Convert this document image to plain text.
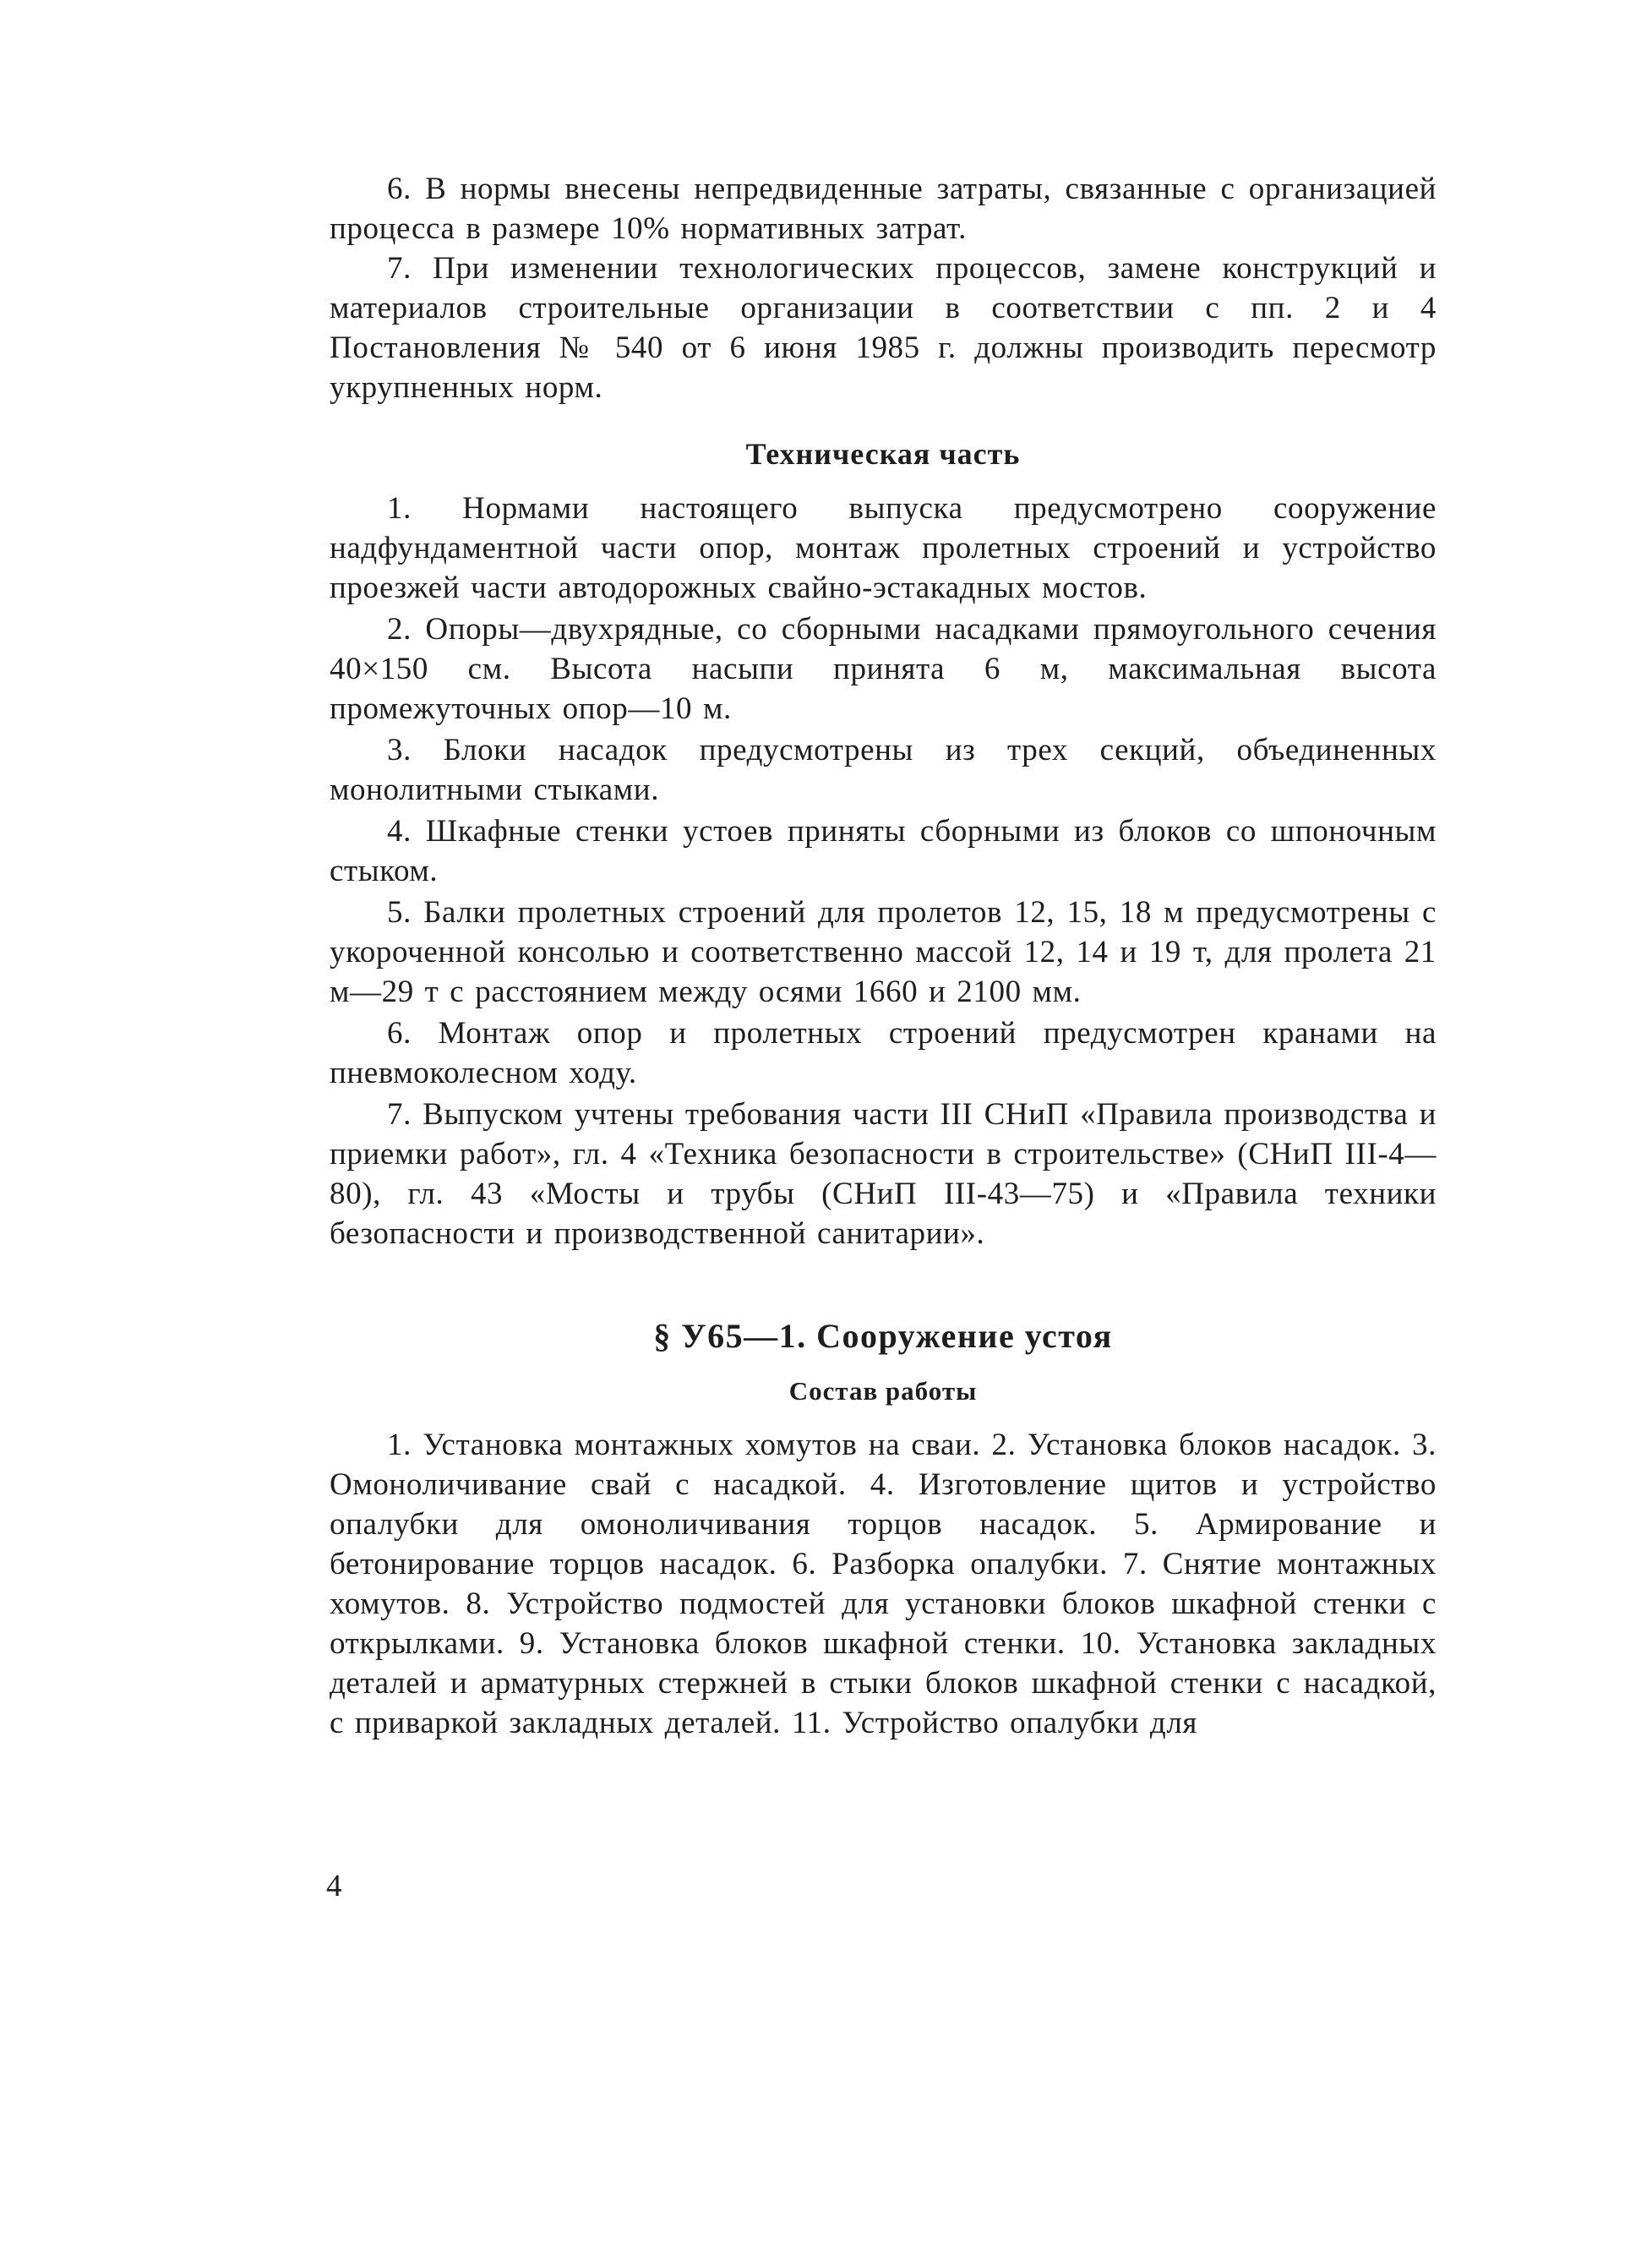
6. В нормы внесены непредвиденные затраты, связанные с организацией процесса в размере 10% нормативных затрат.

7. При изменении технологических процессов, замене конструкций и материалов строительные организации в соответствии с пп. 2 и 4 Постановления № 540 от 6 июня 1985 г. должны производить пересмотр укрупненных норм.

Техническая часть

1. Нормами настоящего выпуска предусмотрено сооружение надфундаментной части опор, монтаж пролетных строений и устройство проезжей части автодорожных свайно-эстакадных мостов.

2. Опоры—двухрядные, со сборными насадками прямоугольного сечения 40×150 см. Высота насыпи принята 6 м, максимальная высота промежуточных опор—10 м.

3. Блоки насадок предусмотрены из трех секций, объединенных монолитными стыками.

4. Шкафные стенки устоев приняты сборными из блоков со шпоночным стыком.

5. Балки пролетных строений для пролетов 12, 15, 18 м предусмотрены с укороченной консолью и соответственно массой 12, 14 и 19 т, для пролета 21 м—29 т с расстоянием между осями 1660 и 2100 мм.

6. Монтаж опор и пролетных строений предусмотрен кранами на пневмоколесном ходу.

7. Выпуском учтены требования части III СНиП «Правила производства и приемки работ», гл. 4 «Техника безопасности в строительстве» (СНиП III-4—80), гл. 43 «Мосты и трубы (СНиП III-43—75) и «Правила техники безопасности и производственной санитарии».

§ У65—1. Сооружение устоя
Состав работы

1. Установка монтажных хомутов на сваи. 2. Установка блоков насадок. 3. Омоноличивание свай с насадкой. 4. Изготовление щитов и устройство опалубки для омоноличивания торцов насадок. 5. Армирование и бетонирование торцов насадок. 6. Разборка опалубки. 7. Снятие монтажных хомутов. 8. Устройство подмостей для установки блоков шкафной стенки с открылками. 9. Установка блоков шкафной стенки. 10. Установка закладных деталей и арматурных стержней в стыки блоков шкафной стенки с насадкой, с приваркой закладных деталей. 11. Устройство опалубки для

4
